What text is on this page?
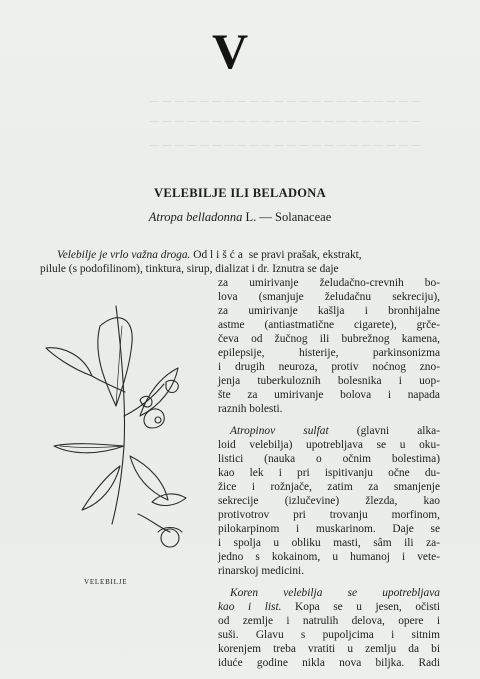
— — — — — — — — — — — — — — — — — — — — — —
— — — — — — — — — — — — — — — — — — — — — —
— — — — — — — — — — — — — — — — — — — — — —
V
VELEBILJE ILI BELADONA
Atropa belladonna L. — Solanaceae
Velebilje je vrlo važna droga. Od lišća se pravi prašak, ekstrakt,
pilule (s podofilinom), tinktura, sirup, dializat i dr. Iznutra se daje
za umirivanje želudačno-crevnih bo-
lova (smanjuje želudačnu sekreciju),
za umirivanje kašlja i bronhijalne
astme (antiastmatične cigarete), grče-
čeva od žučnog ili bubrežnog kamena,
epilepsije, histerije, parkinsonizma
i drugih neuroza, protiv noćnog zno-
jenja tuberkuloznih bolesnika i uop-
šte za umirivanje bolova i napada
raznih bolesti.
Atropinov sulfat (glavni alka-
loid velebilja) upotrebljava se u oku-
listici (nauka o očnim bolestima)
kao lek i pri ispitivanju očne du-
žice i rožnjače, zatim za smanjenje
sekrecije (izlučevine) žlezda, kao
protivotrov pri trovanju morfinom,
pilokarpinom i muskarinom. Daje se
i spolja u obliku masti, sâm ili za-
jedno s kokainom, u humanoj i vete-
rinarskoj medicini.
Koren velebilja se upotrebljava
kao i list. Kopa se u jesen, očisti
od zemlje i natrulih delova, opere i
suši. Glavu s pupoljcima i sitnim
korenjem treba vratiti u zemlju da bi
iduće godine nikla nova biljka. Radi
VELEBILJE
